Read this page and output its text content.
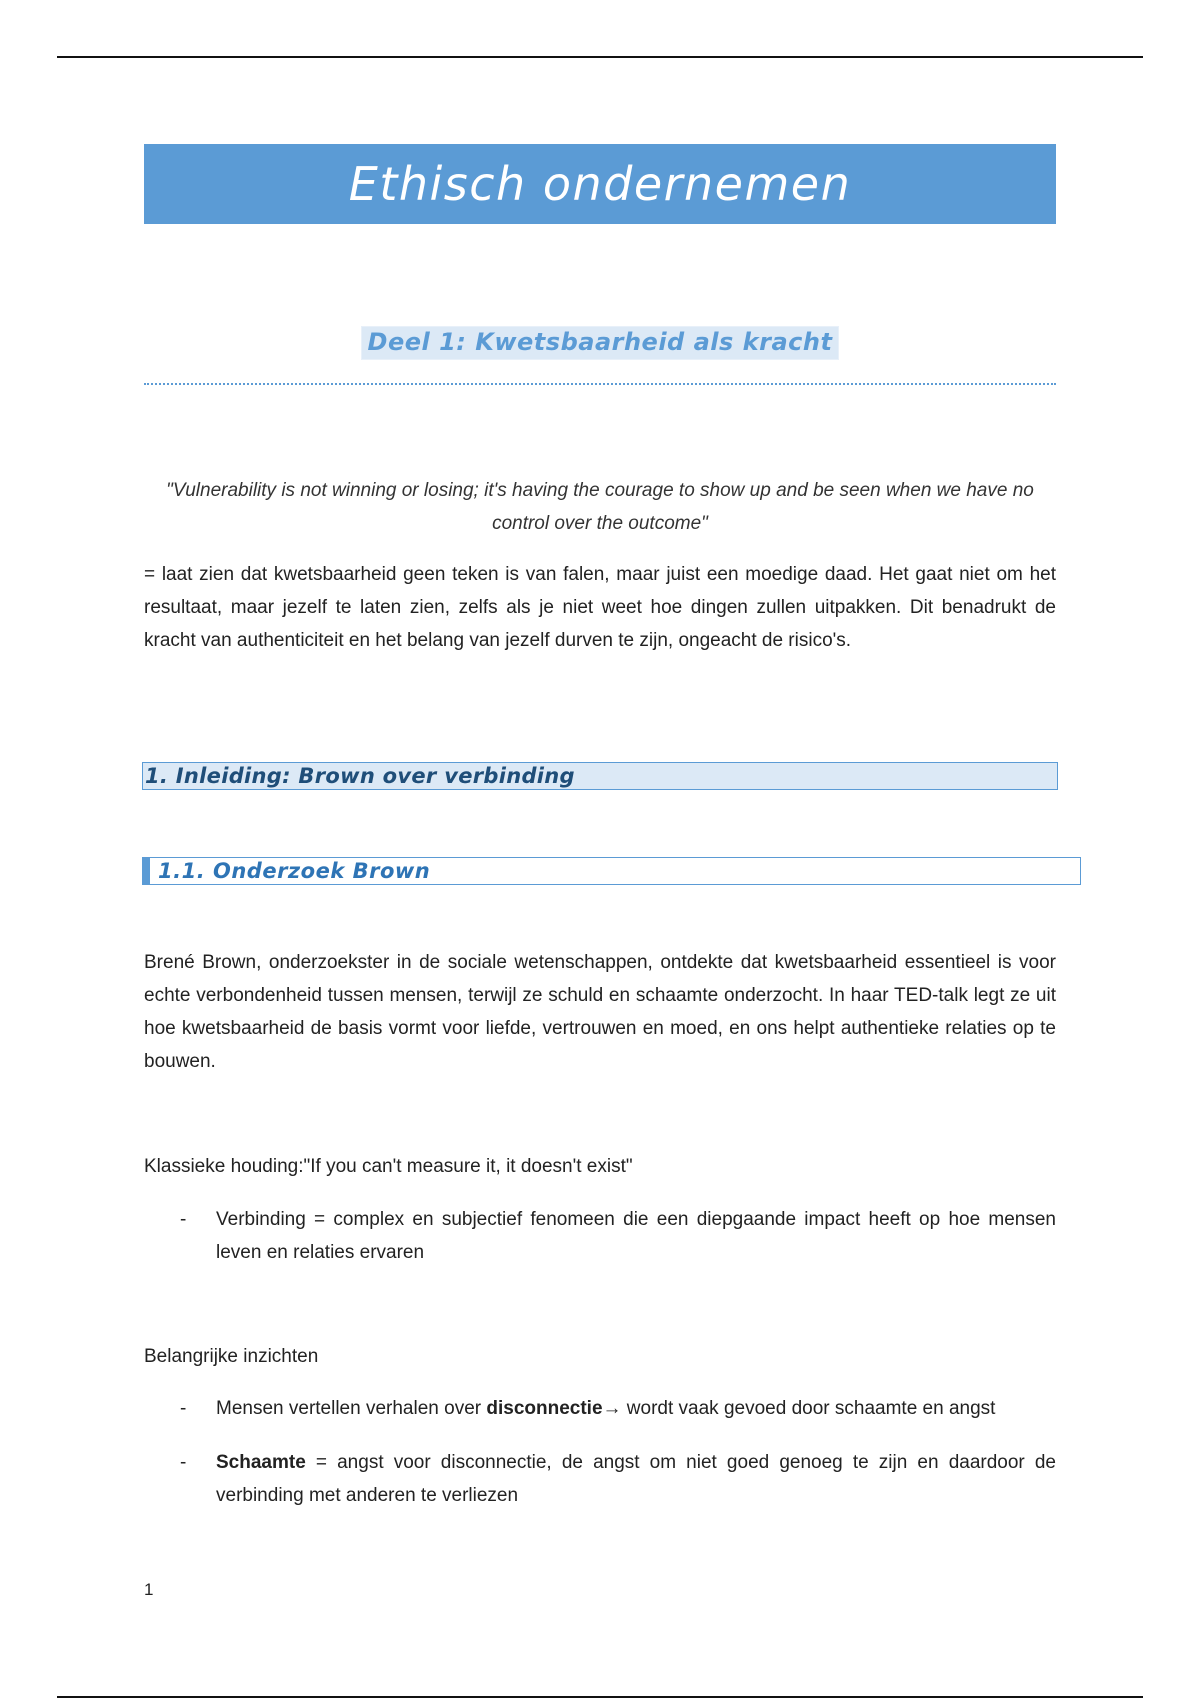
Ethisch ondernemen
Deel 1: Kwetsbaarheid als kracht
"Vulnerability is not winning or losing; it's having the courage to show up and be seen when we have no control over the outcome"
= laat zien dat kwetsbaarheid geen teken is van falen, maar juist een moedige daad. Het gaat niet om het resultaat, maar jezelf te laten zien, zelfs als je niet weet hoe dingen zullen uitpakken. Dit benadrukt de kracht van authenticiteit en het belang van jezelf durven te zijn, ongeacht de risico's.
1. Inleiding: Brown over verbinding
1.1. Onderzoek Brown
Brené Brown, onderzoekster in de sociale wetenschappen, ontdekte dat kwetsbaarheid essentieel is voor echte verbondenheid tussen mensen, terwijl ze schuld en schaamte onderzocht. In haar TED-talk legt ze uit hoe kwetsbaarheid de basis vormt voor liefde, vertrouwen en moed, en ons helpt authentieke relaties op te bouwen.
Klassieke houding:"If you can't measure it, it doesn't exist"
- Verbinding = complex en subjectief fenomeen die een diepgaande impact heeft op hoe mensen leven en relaties ervaren
Belangrijke inzichten
- Mensen vertellen verhalen over disconnectie→ wordt vaak gevoed door schaamte en angst
- Schaamte = angst voor disconnectie, de angst om niet goed genoeg te zijn en daardoor de verbinding met anderen te verliezen
1
